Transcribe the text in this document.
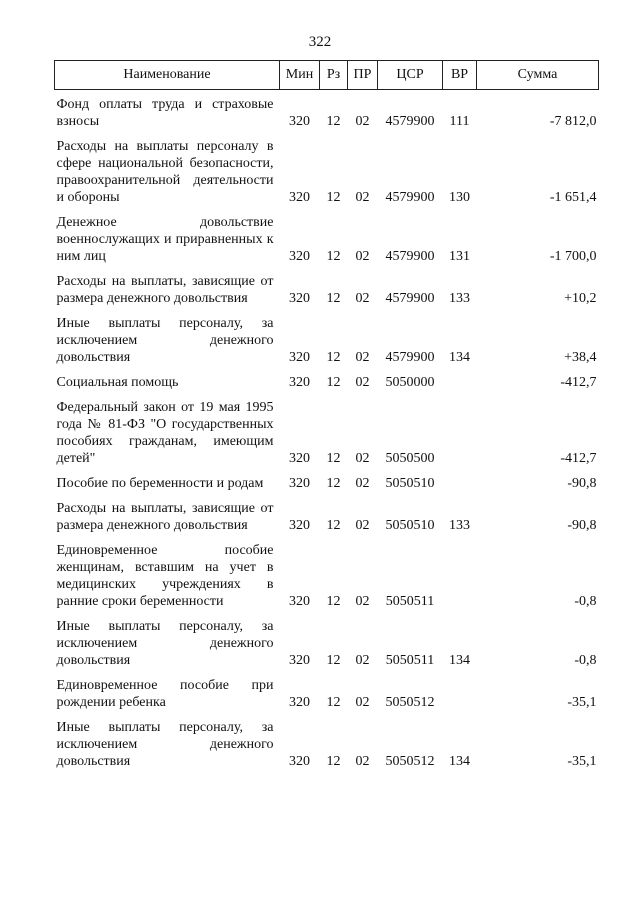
322
Наименование	Мин	Рз	ПР	ЦСР	ВР	Сумма
Фонд оплаты труда и страховые взносы	320	12	02	4579900	111	-7 812,0
Расходы на выплаты персоналу в сфере национальной безопасности, правоохранительной деятельности и обороны	320	12	02	4579900	130	-1 651,4
Денежное довольствие военнослужащих и приравненных к ним лиц	320	12	02	4579900	131	-1 700,0
Расходы на выплаты, зависящие от размера денежного довольствия	320	12	02	4579900	133	+10,2
Иные выплаты персоналу, за исключением денежного довольствия	320	12	02	4579900	134	+38,4
Социальная помощь	320	12	02	5050000		-412,7
Федеральный закон от 19 мая 1995 года № 81-ФЗ "О государственных пособиях гражданам, имеющим детей"	320	12	02	5050500		-412,7
Пособие по беременности и родам	320	12	02	5050510		-90,8
Расходы на выплаты, зависящие от размера денежного довольствия	320	12	02	5050510	133	-90,8
Единовременное пособие женщинам, вставшим на учет в медицинских учреждениях в ранние сроки беременности	320	12	02	5050511		-0,8
Иные выплаты персоналу, за исключением денежного довольствия	320	12	02	5050511	134	-0,8
Единовременное пособие при рождении ребенка	320	12	02	5050512		-35,1
Иные выплаты персоналу, за исключением денежного довольствия	320	12	02	5050512	134	-35,1
